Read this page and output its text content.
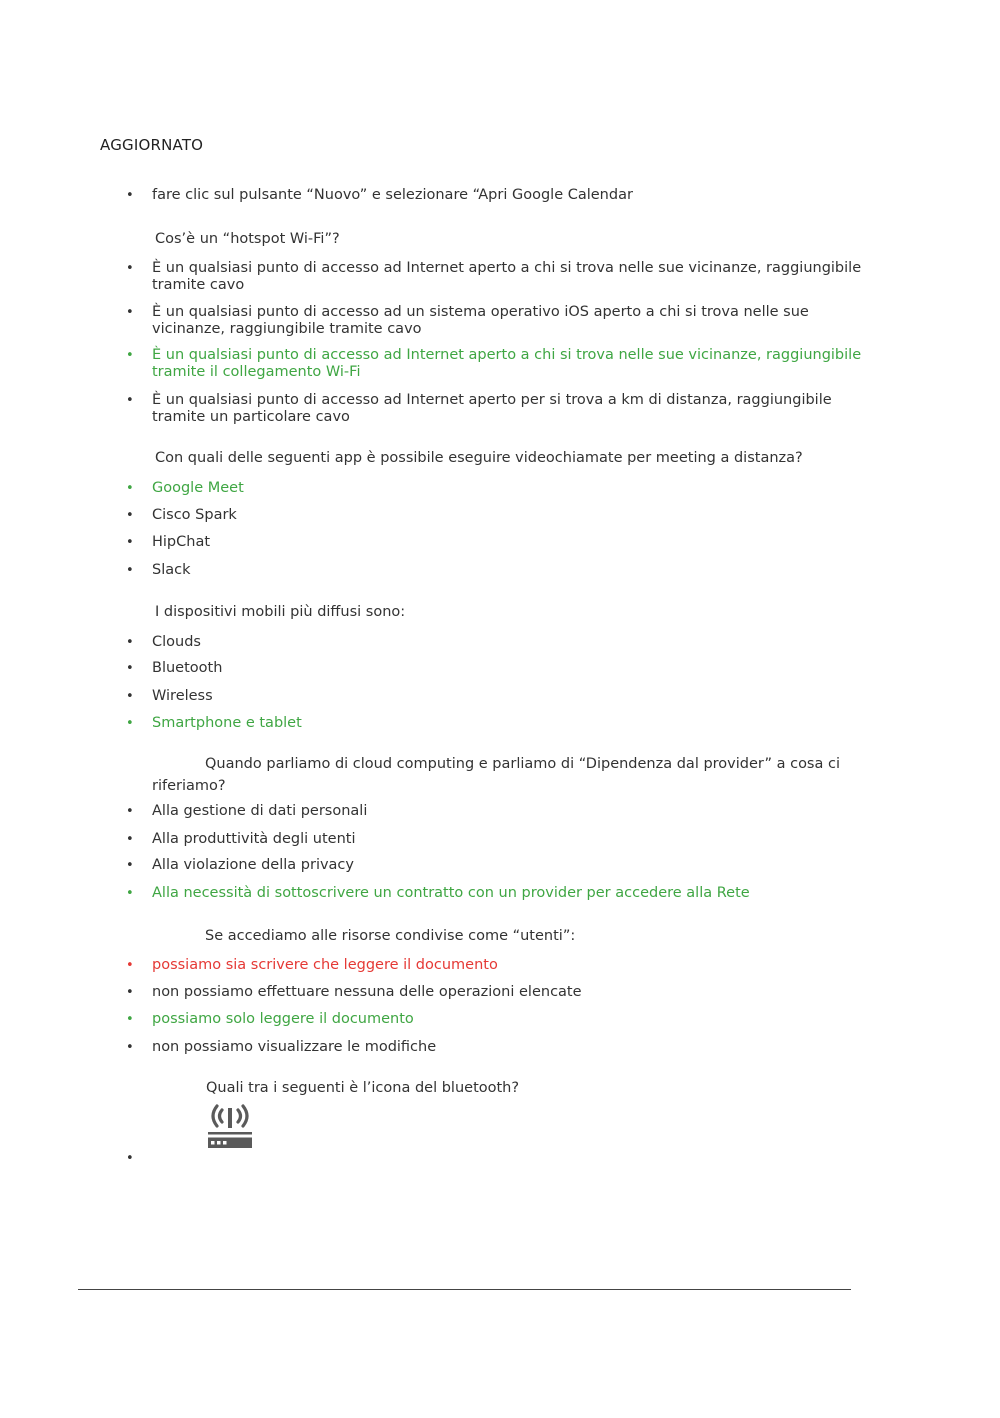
AGGIORNATO
• fare clic sul pulsante “Nuovo” e selezionare “Apri Google Calendar
Cos’è un “hotspot Wi-Fi”?
• È un qualsiasi punto di accesso ad Internet aperto a chi si trova nelle sue vicinanze, raggiungibile tramite cavo
• È un qualsiasi punto di accesso ad un sistema operativo iOS aperto a chi si trova nelle sue vicinanze, raggiungibile tramite cavo
• È un qualsiasi punto di accesso ad Internet aperto a chi si trova nelle sue vicinanze, raggiungibile tramite il collegamento Wi-Fi
• È un qualsiasi punto di accesso ad Internet aperto per si trova a km di distanza, raggiungibile tramite un particolare cavo
Con quali delle seguenti app è possibile eseguire videochiamate per meeting a distanza?
• Google Meet
• Cisco Spark
• HipChat
• Slack
I dispositivi mobili più diffusi sono:
• Clouds
• Bluetooth
• Wireless
• Smartphone e tablet
Quando parliamo di cloud computing e parliamo di “Dipendenza dal provider” a cosa ci
riferiamo?
• Alla gestione di dati personali
• Alla produttività degli utenti
• Alla violazione della privacy
• Alla necessità di sottoscrivere un contratto con un provider per accedere alla Rete
Se accediamo alle risorse condivise come “utenti”:
• possiamo sia scrivere che leggere il documento
• non possiamo effettuare nessuna delle operazioni elencate
• possiamo solo leggere il documento
• non possiamo visualizzare le modifiche
Quali tra i seguenti è l’icona del bluetooth?
•
